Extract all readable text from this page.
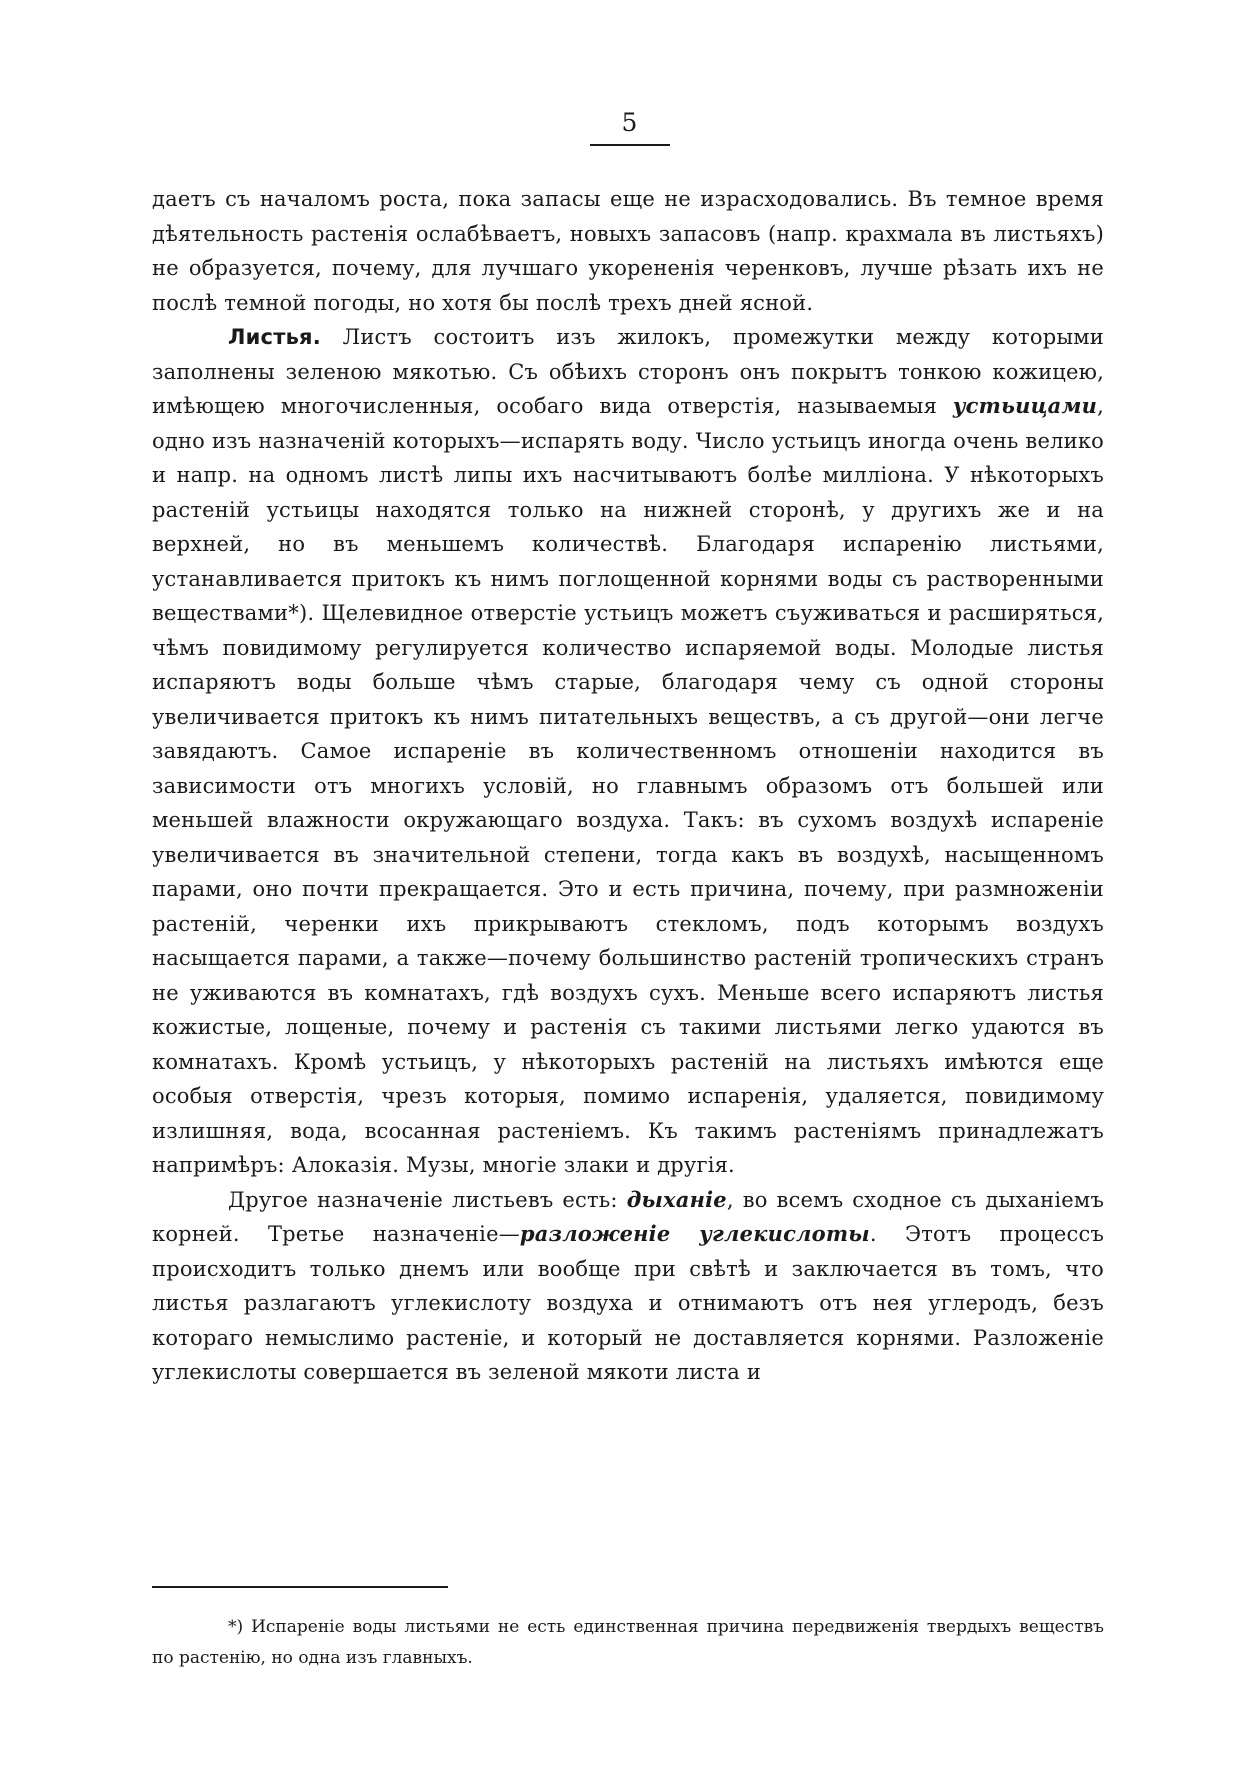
5

даетъ съ началомъ роста, пока запасы еще не израсходовались. Въ темное время дѣятельность растенія ослабѣваетъ, новыхъ запасовъ (напр. крахмала въ листьяхъ) не образуется, почему, для лучшаго укорененія черенковъ, лучше рѣзать ихъ не послѣ темной погоды, но хотя бы послѣ трехъ дней ясной.

Листья. Листъ состоитъ изъ жилокъ, промежутки между которыми заполнены зеленою мякотью. Съ обѣихъ сторонъ онъ покрытъ тонкою кожицею, имѣющею многочисленныя, особаго вида отверстія, называемыя устьицами, одно изъ назначеній которыхъ—испарять воду. Число устьицъ иногда очень велико и напр. на одномъ листѣ липы ихъ насчитываютъ болѣе милліона. У нѣкоторыхъ растеній устьицы находятся только на нижней сторонѣ, у другихъ же и на верхней, но въ меньшемъ количествѣ. Благодаря испаренію листьями, устанавливается притокъ къ нимъ поглощенной корнями воды съ растворенными веществами*). Щелевидное отверстіе устьицъ можетъ съуживаться и расширяться, чѣмъ повидимому регулируется количество испаряемой воды. Молодые листья испаряютъ воды больше чѣмъ старые, благодаря чему съ одной стороны увеличивается притокъ къ нимъ питательныхъ веществъ, а съ другой—они легче завядаютъ. Самое испареніе въ количественномъ отношеніи находится въ зависимости отъ многихъ условій, но главнымъ образомъ отъ большей или меньшей влажности окружающаго воздуха. Такъ: въ сухомъ воздухѣ испареніе увеличивается въ значительной степени, тогда какъ въ воздухѣ, насыщенномъ парами, оно почти прекращается. Это и есть причина, почему, при размноженіи растеній, черенки ихъ прикрываютъ стекломъ, подъ которымъ воздухъ насыщается парами, а также—почему большинство растеній тропическихъ странъ не уживаются въ комнатахъ, гдѣ воздухъ сухъ. Меньше всего испаряютъ листья кожистые, лощеные, почему и растенія съ такими листьями легко удаются въ комнатахъ. Кромѣ устьицъ, у нѣкоторыхъ растеній на листьяхъ имѣются еще особыя отверстія, чрезъ которыя, помимо испаренія, удаляется, повидимому излишняя, вода, всосанная растеніемъ. Къ такимъ растеніямъ принадлежатъ напримѣръ: Алоказія. Музы, многіе злаки и другія.

Другое назначеніе листьевъ есть: дыханіе, во всемъ сходное съ дыханіемъ корней. Третье назначеніе—разложеніе углекислоты. Этотъ процессъ происходитъ только днемъ или вообще при свѣтѣ и заключается въ томъ, что листья разлагаютъ углекислоту воздуха и отнимаютъ отъ нея углеродъ, безъ котораго немыслимо растеніе, и который не доставляется корнями. Разложеніе углекислоты совершается въ зеленой мякоти листа и

*) Испареніе воды листьями не есть единственная причина передвиженія твердыхъ веществъ по растенію, но одна изъ главныхъ.
